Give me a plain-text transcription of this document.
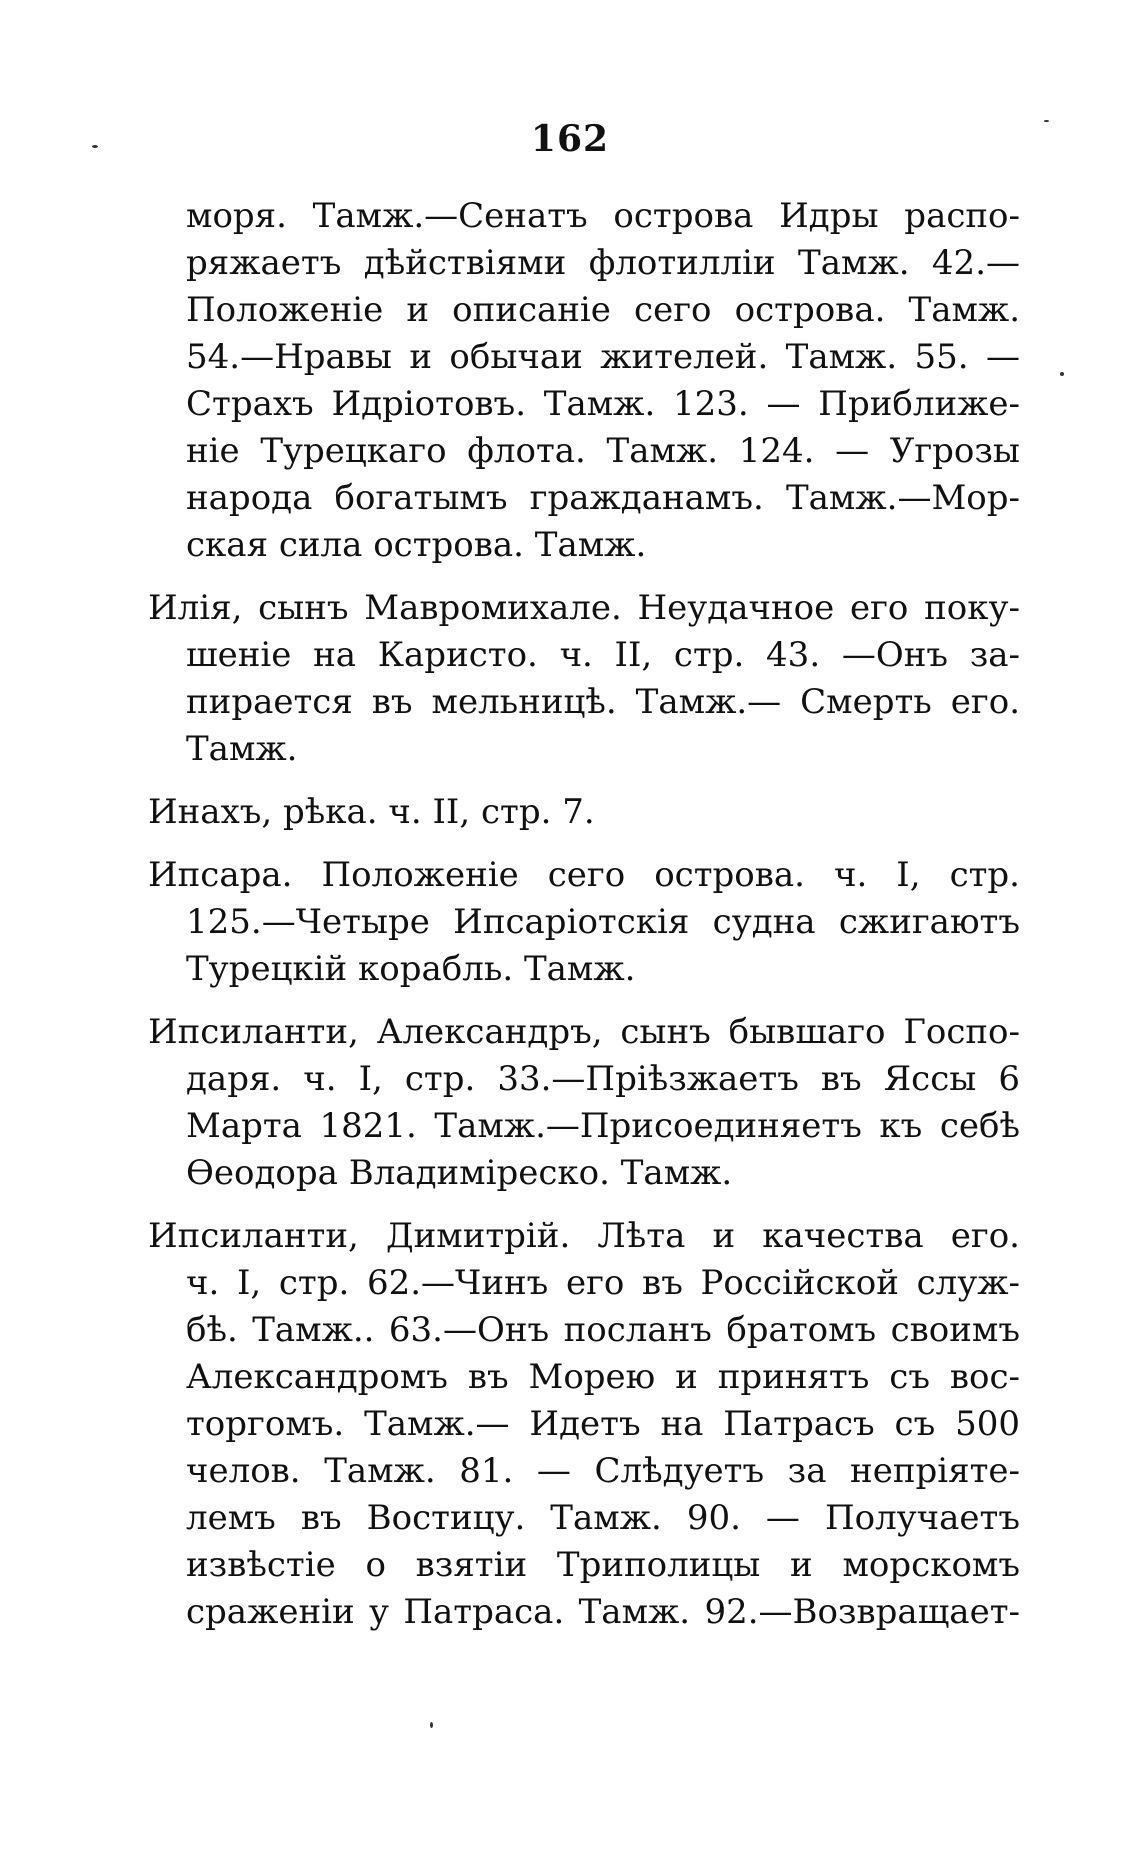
162
моря. Тамж.—Сенатъ острова Идры распо-
ряжаетъ дѣйствіями флотилліи Тамж. 42.—
Положеніе и описаніе сего острова. Тамж.
54.—Нравы и обычаи жителей. Тамж. 55. —
Страхъ Идріотовъ. Тамж. 123. — Приближе-
ніе Турецкаго флота. Тамж. 124. — Угрозы
народа богатымъ гражданамъ. Тамж.—Мор-
ская сила острова. Тамж.
Илія, сынъ Мавромихале. Неудачное его поку-
шеніе на Каристо. ч. II, стр. 43. —Онъ за-
пирается въ мельницѣ. Тамж.— Смерть его.
Тамж.
Инахъ, рѣка. ч. II, стр. 7.
Ипсара. Положеніе сего острова. ч. I, стр.
125.—Четыре Ипсаріотскія судна сжигаютъ
Турецкій корабль. Тамж.
Ипсиланти, Александръ, сынъ бывшаго Госпо-
даря. ч. I, стр. 33.—Пріѣзжаетъ въ Яссы 6
Марта 1821. Тамж.—Присоединяетъ къ себѣ
Өеодора Владиміреско. Тамж.
Ипсиланти, Димитрій. Лѣта и качества его.
ч. I, стр. 62.—Чинъ его въ Россійской служ-
бѣ. Тамж.. 63.—Онъ посланъ братомъ своимъ
Александромъ въ Морею и принятъ съ вос-
торгомъ. Тамж.— Идетъ на Патрасъ съ 500
челов. Тамж. 81. — Слѣдуетъ за непріяте-
лемъ въ Востицу. Тамж. 90. — Получаетъ
извѣстіе о взятіи Триполицы и морскомъ
сраженіи у Патраса. Тамж. 92.—Возвращает-
